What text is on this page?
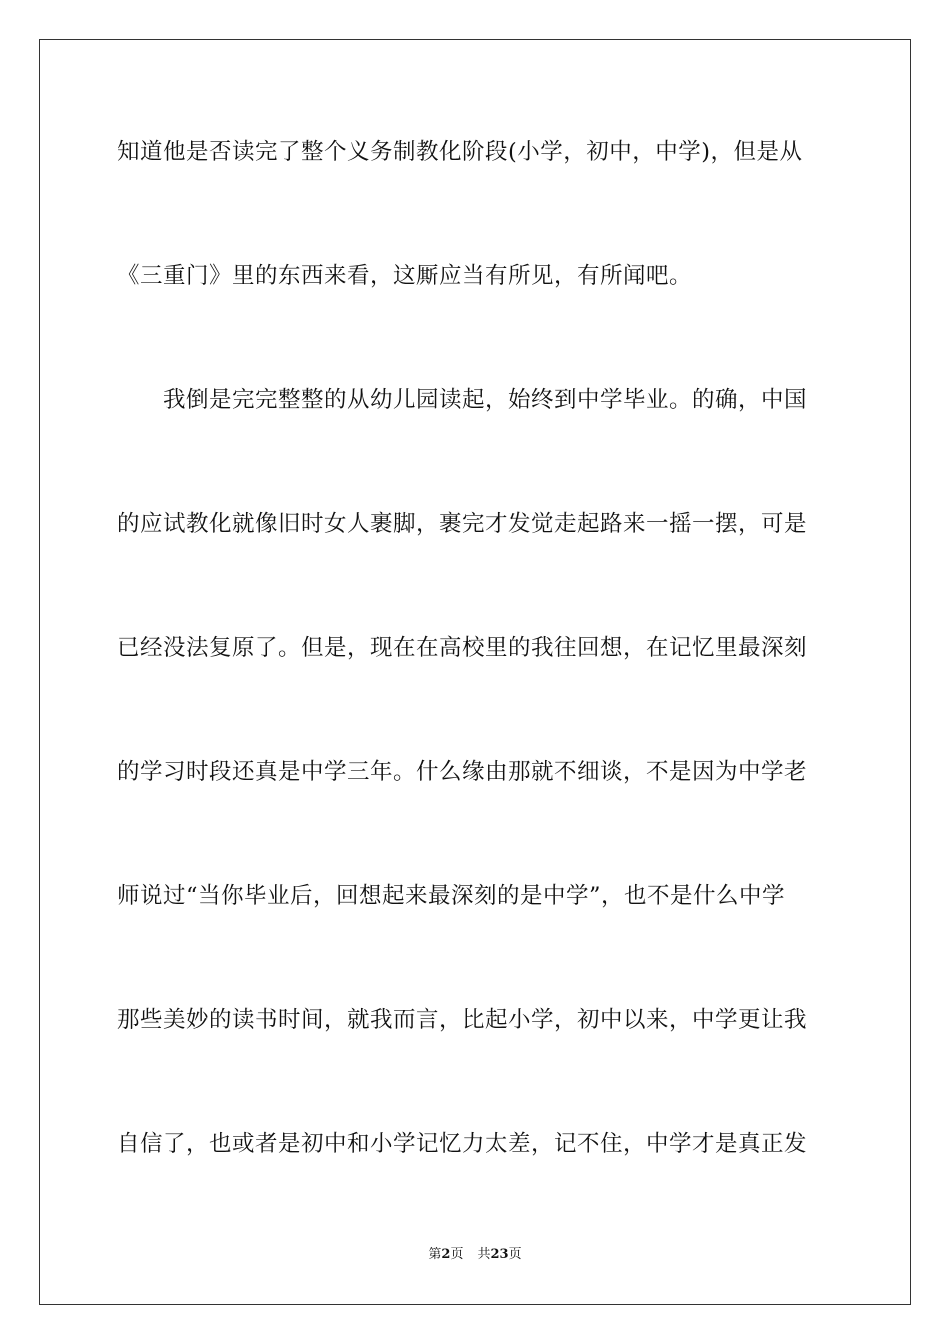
知道他是否读完了整个义务制教化阶段(小学，初中，中学)，但是从
《三重门》里的东西来看，这厮应当有所见，有所闻吧。
我倒是完完整整的从幼儿园读起，始终到中学毕业。的确，中国
的应试教化就像旧时女人裹脚，裹完才发觉走起路来一摇一摆，可是
已经没法复原了。但是，现在在高校里的我往回想，在记忆里最深刻
的学习时段还真是中学三年。什么缘由那就不细谈，不是因为中学老
师说过“当你毕业后，回想起来最深刻的是中学”，也不是什么中学
那些美妙的读书时间，就我而言，比起小学，初中以来，中学更让我
自信了，也或者是初中和小学记忆力太差，记不住，中学才是真正发
第2页 共23页
